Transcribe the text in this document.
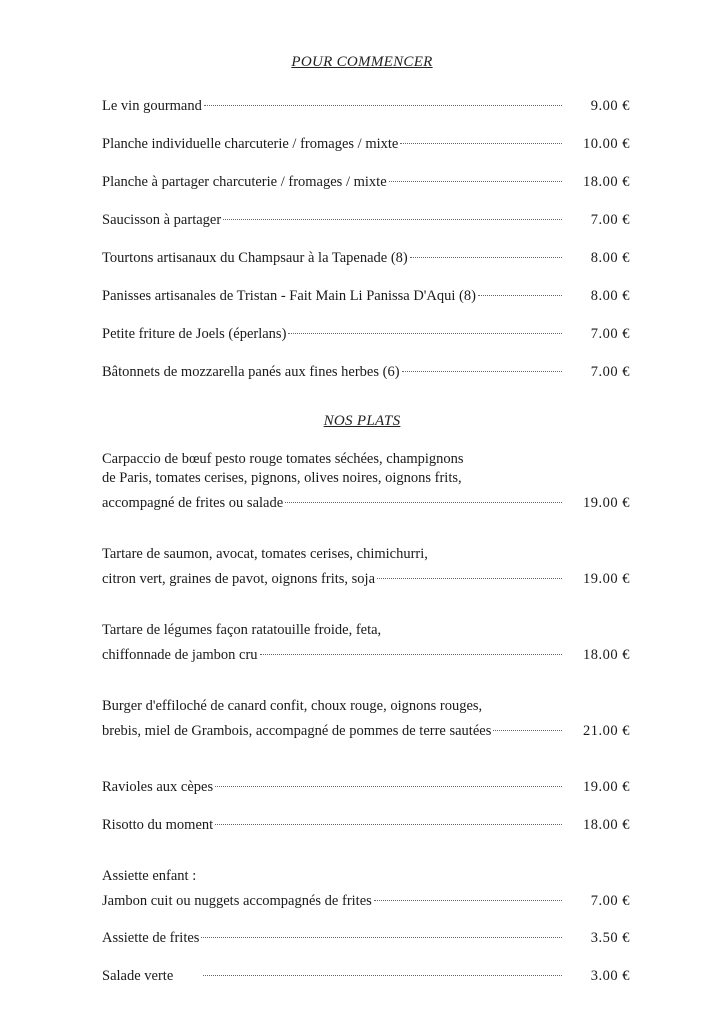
POUR COMMENCER
Le vin gourmand	9.00 €
Planche individuelle charcuterie / fromages / mixte	10.00 €
Planche à partager charcuterie / fromages / mixte	18.00 €
Saucisson à partager	7.00 €
Tourtons artisanaux du Champsaur à la Tapenade (8)	8.00 €
Panisses artisanales de Tristan - Fait Main Li Panissa D'Aqui (8)	8.00 €
Petite friture de Joels (éperlans)	7.00 €
Bâtonnets de mozzarella panés aux fines herbes (6)	7.00 €
NOS PLATS
Carpaccio de bœuf pesto rouge tomates séchées, champignons
de Paris, tomates cerises, pignons, olives noires, oignons frits,
accompagné de frites ou salade	19.00 €
Tartare de saumon, avocat, tomates cerises, chimichurri,
citron vert, graines de pavot, oignons frits, soja	19.00 €
Tartare de légumes façon ratatouille froide, feta,
chiffonnade de jambon cru	18.00 €
Burger d'effiloché de canard confit, choux rouge, oignons rouges,
brebis, miel de Grambois, accompagné de pommes de terre sautées	21.00 €
Ravioles aux cèpes	19.00 €
Risotto du moment	18.00 €
Assiette enfant :
Jambon cuit ou nuggets accompagnés de frites	7.00 €
Assiette de frites	3.50 €
Salade verte	3.00 €
